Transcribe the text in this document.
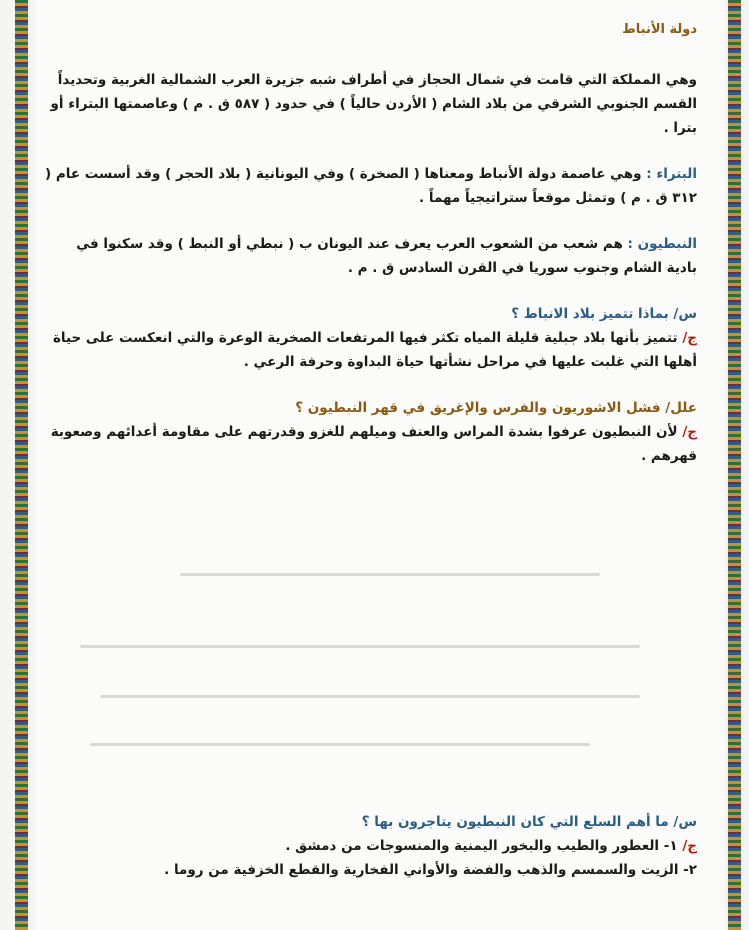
دولة الأنباط

وهي المملكة التي قامت في شمال الحجاز في أطراف شبه جزيرة العرب الشمالية الغربية وتحديداً القسم الجنوبي الشرقي من بلاد الشام ( الأردن حالياً ) في حدود ( ٥٨٧ ق . م ) وعاصمتها البتراء أو بترا .

البتراء : وهي عاصمة دولة الأنباط ومعناها ( الصخرة ) وفي اليونانية ( بلاد الحجر ) وقد أسست عام ( ٣١٢ ق . م ) وتمثل موقعاً ستراتيجياً مهماً .

النبطيون : هم شعب من الشعوب العرب يعرف عند اليونان ب ( نبطي أو النبط ) وقد سكنوا في بادية الشام وجنوب سوريا في القرن السادس ق . م .

س/ بماذا تتميز بلاد الانباط ؟

ج/ تتميز بأنها بلاد جبلية قليلة المياه تكثر فيها المرتفعات الصخرية الوعرة والتي انعكست على حياة أهلها التي غلبت عليها في مراحل نشأتها حياة البداوة وحرفة الرعي .

علل/ فشل الاشوريون والفرس والإغريق في قهر النبطيون ؟

ج/ لأن النبطيون عرفوا بشدة المراس والعنف وميلهم للغزو وقدرتهم على مقاومة أعدائهم وصعوبة قهرهم .

س/ ما أهم السلع التي كان النبطيون يتاجرون بها ؟
ج/ ١- العطور والطيب والبخور اليمنية والمنسوجات من دمشق .
٢- الزيت والسمسم والذهب والفضة والأواني الفخارية والقطع الخزفية من روما .
